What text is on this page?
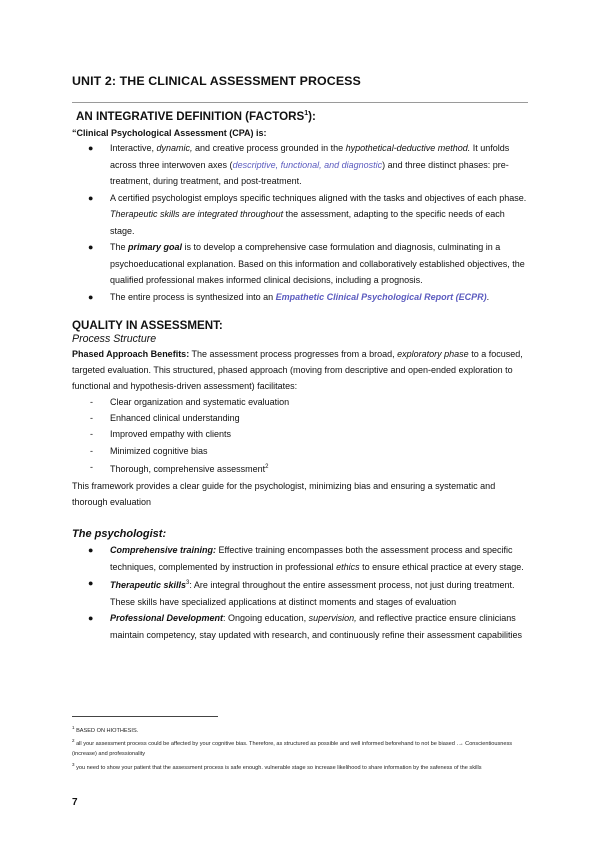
UNIT 2: THE CLINICAL ASSESSMENT PROCESS
AN INTEGRATIVE DEFINITION (FACTORS$^1$):

“Clinical Psychological Assessment (CPA) is:

● Interactive, dynamic, and creative process grounded in the hypothetical-deductive method. It unfolds across three interwoven axes (descriptive, functional, and diagnostic) and three distinct phases: pre-treatment, during treatment, and post-treatment.
● A certified psychologist employs specific techniques aligned with the tasks and objectives of each phase. Therapeutic skills are integrated throughout the assessment, adapting to the specific needs of each stage.
● The primary goal is to develop a comprehensive case formulation and diagnosis, culminating in a psychoeducational explanation. Based on this information and collaboratively established objectives, the qualified professional makes informed clinical decisions, including a prognosis.
● The entire process is synthesized into an Empathetic Clinical Psychological Report (ECPR).
QUALITY IN ASSESSMENT:

Process Structure

Phased Approach Benefits: The assessment process progresses from a broad, exploratory phase to a focused, targeted evaluation. This structured, phased approach (moving from descriptive and open-ended exploration to functional and hypothesis-driven assessment) facilitates:

- Clear organization and systematic evaluation
- Enhanced clinical understanding
- Improved empathy with clients
- Minimized cognitive bias
- Thorough, comprehensive assessment$^2$

This framework provides a clear guide for the psychologist, minimizing bias and ensuring a systematic and thorough evaluation

The psychologist:
● Comprehensive training: Effective training encompasses both the assessment process and specific techniques, complemented by instruction in professional ethics to ensure ethical practice at every stage.
● Therapeutic skills$^3$: Are integral throughout the entire assessment process, not just during treatment. These skills have specialized applications at distinct moments and stages of evaluation
● Professional Development: Ongoing education, supervision, and reflective practice ensure clinicians maintain competency, stay updated with research, and continuously refine their assessment capabilities
$^1$ BASED ON HIOTHESIS.
$^2$ all your assessment process could be affected by your cognitive bias. Therefore, as structured as possible and well informed beforehand to not be biased .→ Conscientiousness (increase) and professionality
$^3$ you need to show your patient that the assessment process is safe enough. vulnerable stage so increase likelihood to share information by the safeness of the skills
7
